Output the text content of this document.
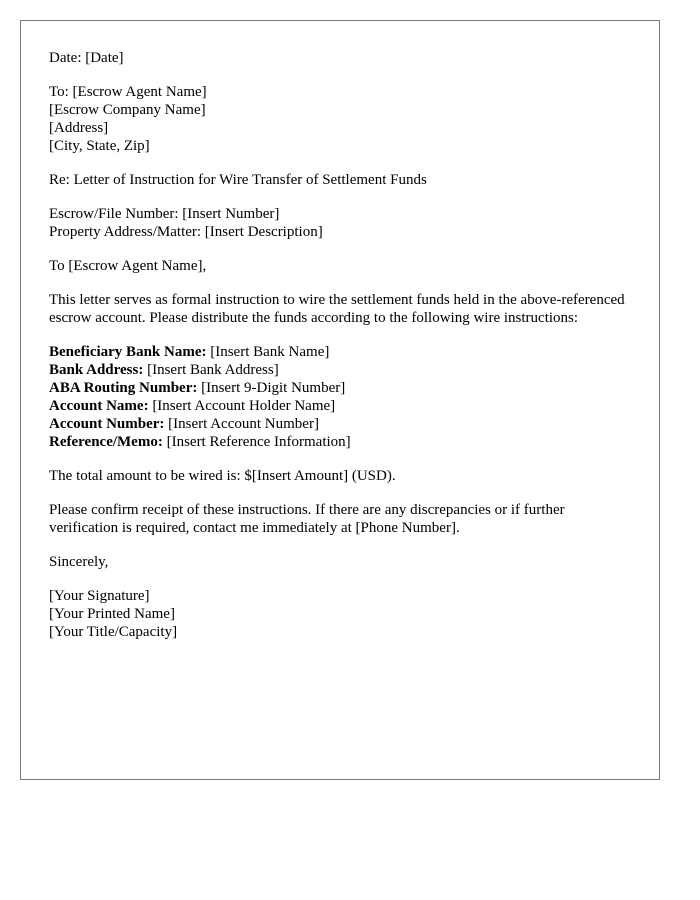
Date: [Date]
To: [Escrow Agent Name]
[Escrow Company Name]
[Address]
[City, State, Zip]
Re: Letter of Instruction for Wire Transfer of Settlement Funds
Escrow/File Number: [Insert Number]
Property Address/Matter: [Insert Description]
To [Escrow Agent Name],

This letter serves as formal instruction to wire the settlement funds held in the above-referenced escrow account. Please distribute the funds according to the following wire instructions:

Beneficiary Bank Name: [Insert Bank Name]
Bank Address: [Insert Bank Address]
ABA Routing Number: [Insert 9-Digit Number]
Account Name: [Insert Account Holder Name]
Account Number: [Insert Account Number]
Reference/Memo: [Insert Reference Information]

The total amount to be wired is: $[Insert Amount] (USD).

Please confirm receipt of these instructions. If there are any discrepancies or if further verification is required, contact me immediately at [Phone Number].

Sincerely,
[Your Signature]
[Your Printed Name]
[Your Title/Capacity]
